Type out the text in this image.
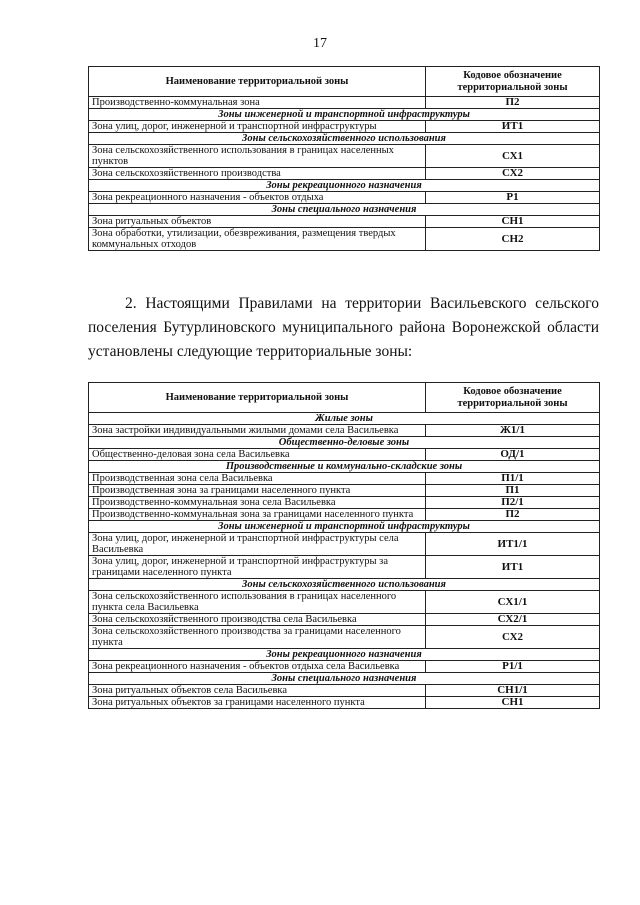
17
Наименование территориальной зоны	Кодовое обозначение территориальной зоны
Производственно-коммунальная зона	П2
Зоны инженерной и транспортной инфраструктуры	
Зона улиц, дорог, инженерной и транспортной инфраструктуры	ИТ1
Зоны сельскохозяйственного использования	
Зона сельскохозяйственного использования в границах населенных пунктов	СХ1
Зона сельскохозяйственного производства	СХ2
Зоны рекреационного назначения	
Зона рекреационного назначения - объектов отдыха	Р1
Зоны специального назначения	
Зона ритуальных объектов	СН1
Зона обработки, утилизации, обезвреживания, размещения твердых коммунальных отходов	СН2
2. Настоящими Правилами на территории Васильевского сельского поселения Бутурлиновского муниципального района Воронежской области установлены следующие территориальные зоны:
Наименование территориальной зоны	Кодовое обозначение территориальной зоны
Жилые зоны	
Зона застройки индивидуальными жилыми домами села Васильевка	Ж1/1
Общественно-деловые зоны	
Общественно-деловая зона села Васильевка	ОД/1
Производственные и коммунально-складские зоны	
Производственная зона села Васильевка	П1/1
Производственная зона за границами населенного пункта	П1
Производственно-коммунальная зона села Васильевка	П2/1
Производственно-коммунальная зона за границами населенного пункта	П2
Зоны инженерной и транспортной инфраструктуры	
Зона улиц, дорог, инженерной и транспортной инфраструктуры села Васильевка	ИТ1/1
Зона улиц, дорог, инженерной и транспортной инфраструктуры за границами населенного пункта	ИТ1
Зоны сельскохозяйственного использования	
Зона сельскохозяйственного использования в границах населенного пункта села Васильевка	СХ1/1
Зона сельскохозяйственного производства села Васильевка	СХ2/1
Зона сельскохозяйственного производства за границами населенного пункта	СХ2
Зоны рекреационного назначения	
Зона рекреационного назначения - объектов отдыха села Васильевка	Р1/1
Зоны специального назначения	
Зона ритуальных объектов села Васильевка	СН1/1
Зона ритуальных объектов за границами населенного пункта	СН1
